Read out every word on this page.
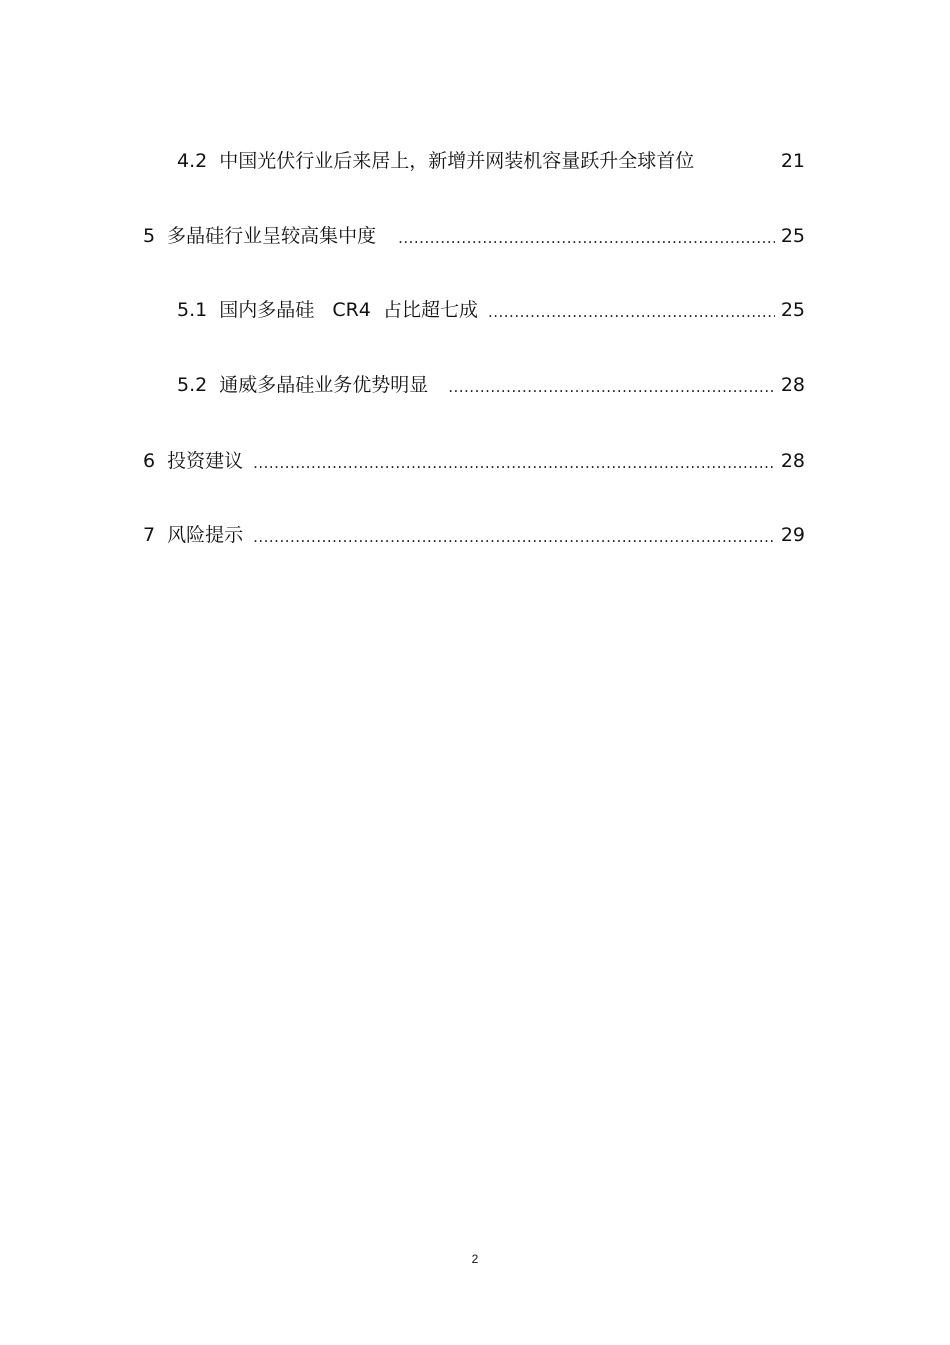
4.2 中国光伏行业后来居上，新增并网装机容量跃升全球首位	21
5 多晶硅行业呈较高集中度 .....	25
5.1 国内多晶硅   CR4  占比超七成 .....	25
5.2 通威多晶硅业务优势明显 .....	28
6 投资建议 .....	28
7 风险提示 .....	29
2
